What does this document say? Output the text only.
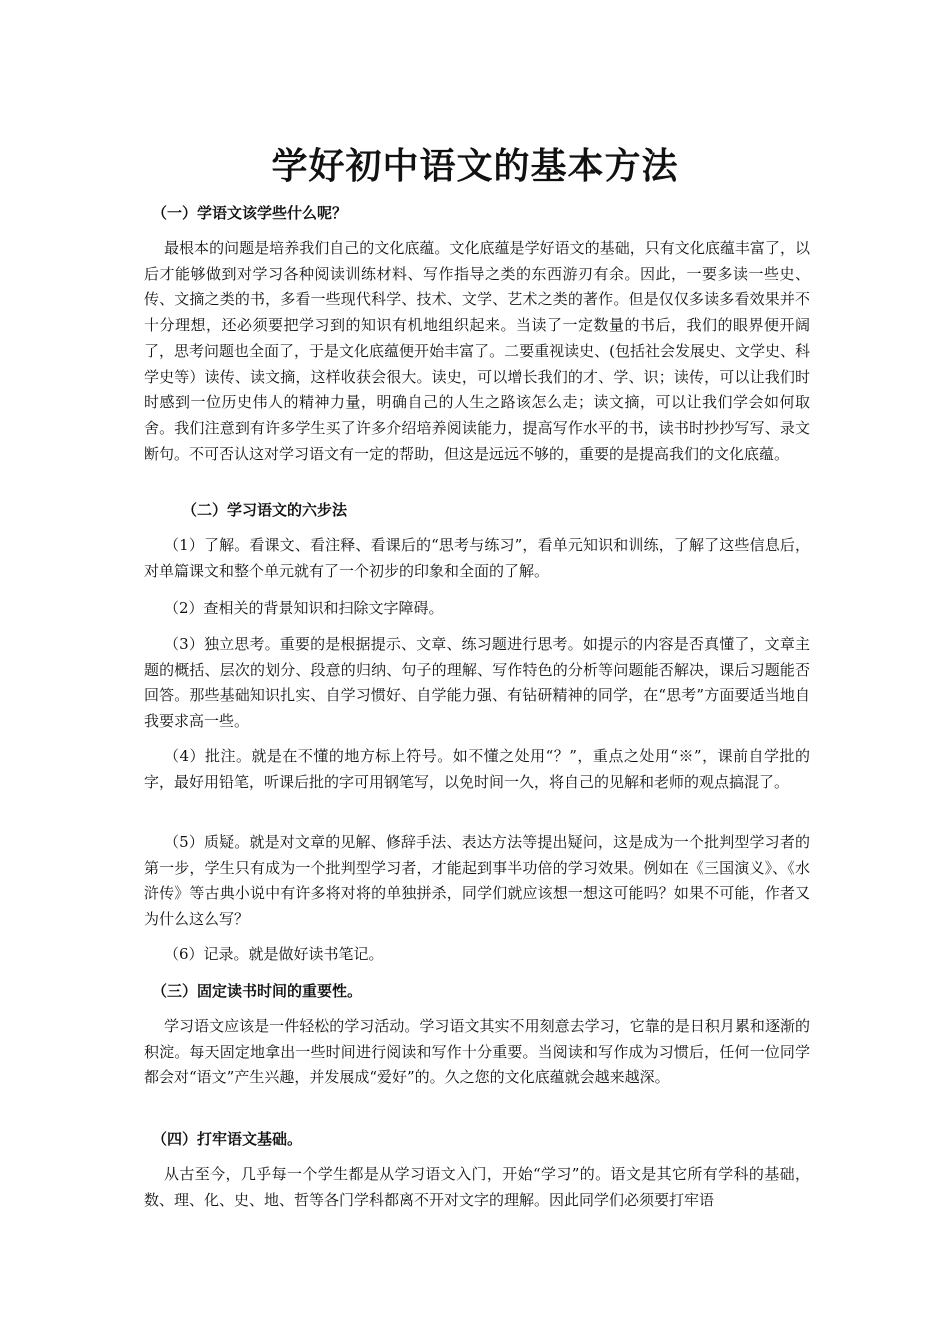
学好初中语文的基本方法
（一）学语文该学些什么呢？

最根本的问题是培养我们自己的文化底蕴。文化底蕴是学好语文的基础，只有文化底蕴丰富了，以后才能够做到对学习各种阅读训练材料、写作指导之类的东西游刃有余。因此，一要多读一些史、传、文摘之类的书，多看一些现代科学、技术、文学、艺术之类的著作。但是仅仅多读多看效果并不十分理想，还必须要把学习到的知识有机地组织起来。当读了一定数量的书后，我们的眼界便开阔了，思考问题也全面了，于是文化底蕴便开始丰富了。二要重视读史、(包括社会发展史、文学史、科学史等）读传、读文摘，这样收获会很大。读史，可以增长我们的才、学、识；读传，可以让我们时时感到一位历史伟人的精神力量，明确自己的人生之路该怎么走；读文摘，可以让我们学会如何取舍。我们注意到有许多学生买了许多介绍培养阅读能力，提高写作水平的书，读书时抄抄写写、录文断句。不可否认这对学习语文有一定的帮助，但这是远远不够的，重要的是提高我们的文化底蕴。

（二）学习语文的六步法

（1）了解。看课文、看注释、看课后的“思考与练习”，看单元知识和训练，了解了这些信息后，对单篇课文和整个单元就有了一个初步的印象和全面的了解。

（2）查相关的背景知识和扫除文字障碍。

（3）独立思考。重要的是根据提示、文章、练习题进行思考。如提示的内容是否真懂了，文章主题的概括、层次的划分、段意的归纳、句子的理解、写作特色的分析等问题能否解决，课后习题能否回答。那些基础知识扎实、自学习惯好、自学能力强、有钻研精神的同学，在“思考”方面要适当地自我要求高一些。

（4）批注。就是在不懂的地方标上符号。如不懂之处用“？”，重点之处用“※”，课前自学批的字，最好用铅笔，听课后批的字可用钢笔写，以免时间一久，将自己的见解和老师的观点搞混了。

（5）质疑。就是对文章的见解、修辞手法、表达方法等提出疑问，这是成为一个批判型学习者的第一步，学生只有成为一个批判型学习者，才能起到事半功倍的学习效果。例如在《三国演义》、《水浒传》等古典小说中有许多将对将的单独拼杀，同学们就应该想一想这可能吗？如果不可能，作者又为什么这么写？

（6）记录。就是做好读书笔记。

（三）固定读书时间的重要性。

学习语文应该是一件轻松的学习活动。学习语文其实不用刻意去学习，它靠的是日积月累和逐渐的积淀。每天固定地拿出一些时间进行阅读和写作十分重要。当阅读和写作成为习惯后，任何一位同学都会对“语文”产生兴趣，并发展成“爱好”的。久之您的文化底蕴就会越来越深。

（四）打牢语文基础。

从古至今，几乎每一个学生都是从学习语文入门，开始“学习”的。语文是其它所有学科的基础，数、理、化、史、地、哲等各门学科都离不开对文字的理解。因此同学们必须要打牢语
